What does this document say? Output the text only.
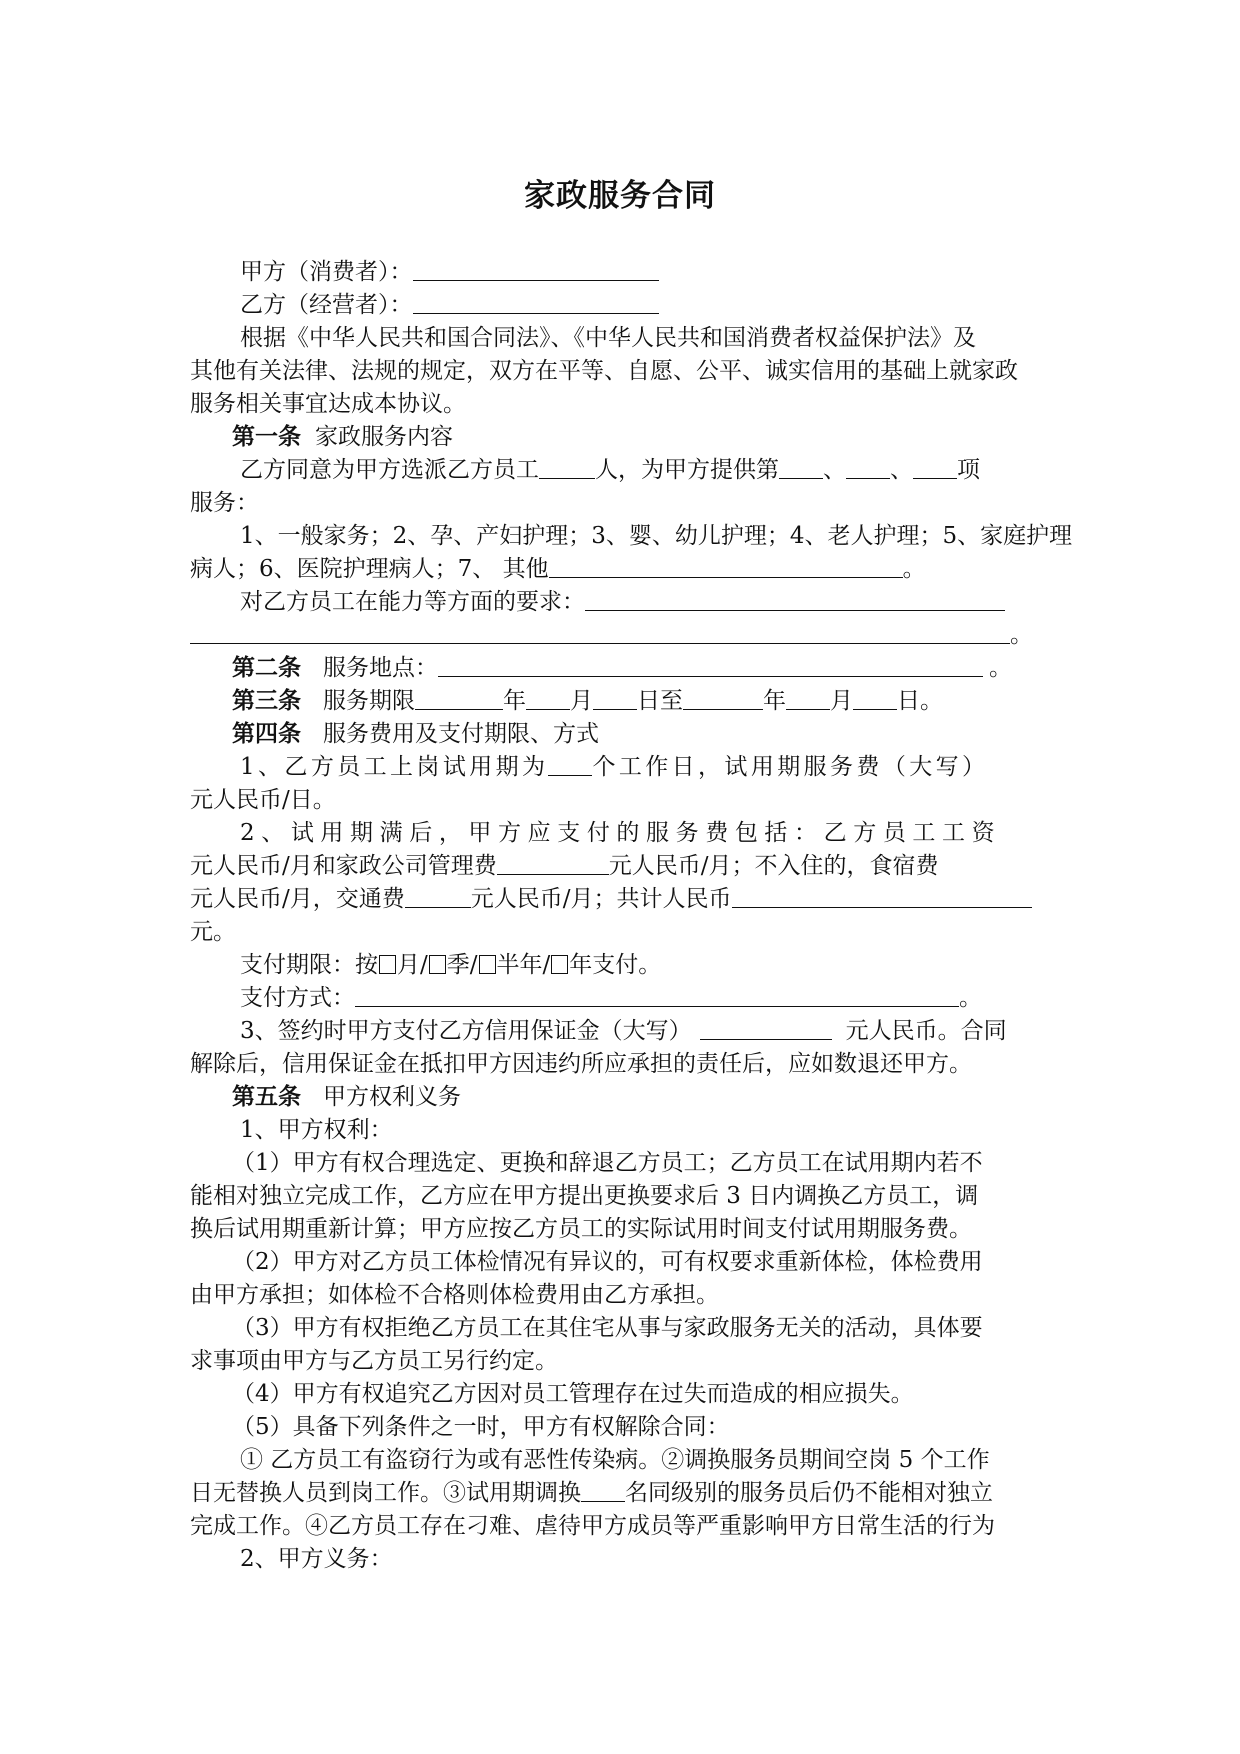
家政服务合同
甲方（消费者）：
乙方（经营者）：
根据《中华人民共和国合同法》、《中华人民共和国消费者权益保护法》及
其他有关法律、法规的规定，双方在平等、自愿、公平、诚实信用的基础上就家政
服务相关事宜达成本协议。
第一条 家政服务内容
乙方同意为甲方选派乙方员工 人，为甲方提供第 、 、 项
服务：
1、一般家务；2、孕、产妇护理；3、婴、幼儿护理；4、老人护理；5、家庭护理
病人；6、医院护理病人；7、 其他	。
对乙方员工在能力等方面的要求：
。
第二条 服务地点：	。
第三条 服务期限	年 月 日至	年 月 日。
第四条 服务费用及支付期限、方式
1、乙方员工上岗试用期为 个工作日，试用期服务费（大写）
元人民币/日。
2、试用期满后，甲方应支付的服务费包括：乙方员工工资
元人民币/月和家政公司管理费	元人民币/月；不入住的，食宿费
元人民币/月，交通费	元人民币/月；共计人民币
元。
支付期限：按 月/ 季/ 半年/ 年支付。
支付方式：	。
3、签约时甲方支付乙方信用保证金（大写）	元人民币。合同
解除后，信用保证金在抵扣甲方因违约所应承担的责任后，应如数退还甲方。
第五条 甲方权利义务
1、甲方权利：
（1）甲方有权合理选定、更换和辞退乙方员工；乙方员工在试用期内若不
能相对独立完成工作，乙方应在甲方提出更换要求后 3 日内调换乙方员工，调
换后试用期重新计算；甲方应按乙方员工的实际试用时间支付试用期服务费。
（2）甲方对乙方员工体检情况有异议的，可有权要求重新体检，体检费用
由甲方承担；如体检不合格则体检费用由乙方承担。
（3）甲方有权拒绝乙方员工在其住宅从事与家政服务无关的活动，具体要
求事项由甲方与乙方员工另行约定。
（4）甲方有权追究乙方因对员工管理存在过失而造成的相应损失。
（5）具备下列条件之一时，甲方有权解除合同：
① 乙方员工有盗窃行为或有恶性传染病。②调换服务员期间空岗 5 个工作
日无替换人员到岗工作。③试用期调换 名同级别的服务员后仍不能相对独立
完成工作。④乙方员工存在刁难、虐待甲方成员等严重影响甲方日常生活的行为
2、甲方义务：
